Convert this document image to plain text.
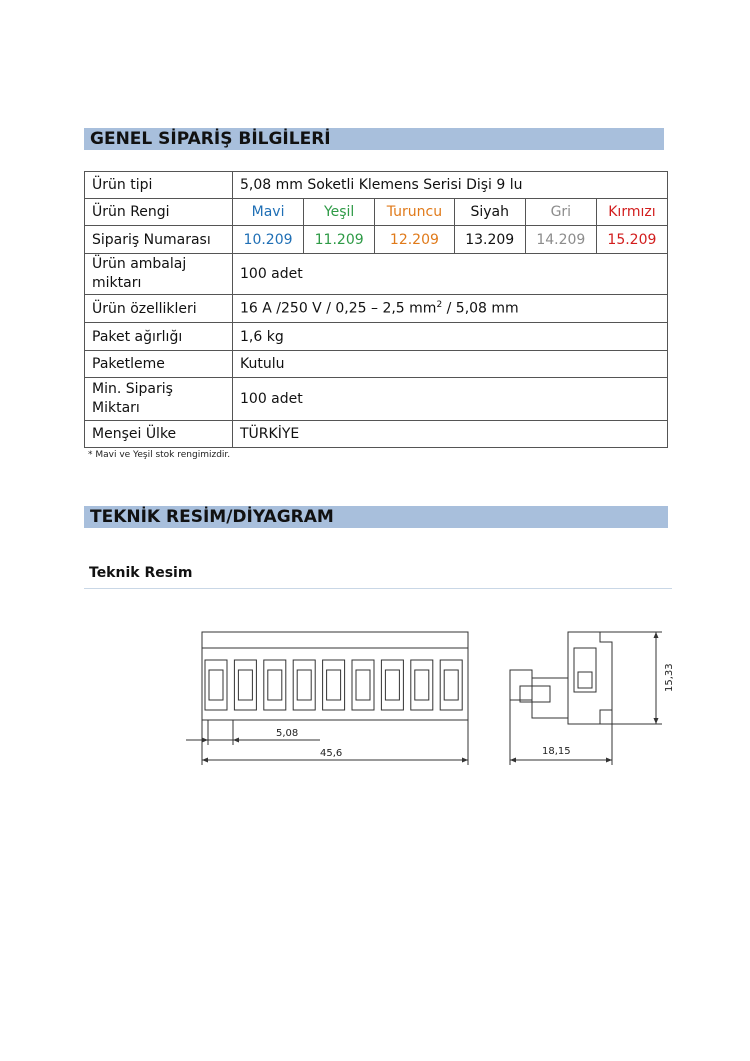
GENEL SİPARİŞ BİLGİLERİ
Ürün tipi	5,08 mm Soketli Klemens Serisi Dişi 9 lu					
Ürün Rengi	Mavi	Yeşil	Turuncu	Siyah	Gri	Kırmızı
Sipariş Numarası	10.209	11.209	12.209	13.209	14.209	15.209
Ürün ambalaj
miktarı	100 adet					
Ürün özellikleri	16 A /250 V / 0,25 – 2,5 $mm^2 / 5,08$ mm					
Paket ağırlığı	1,6 kg					
Paketleme	Kutulu					
Min. Sipariş
Miktarı	100 adet					
Menşei Ülke	TÜRKİYE					
* Mavi ve Yeşil stok rengimizdir.
TEKNİK RESİM/DİYAGRAM
Teknik Resim
5,08
45,6	18,15
15,33
